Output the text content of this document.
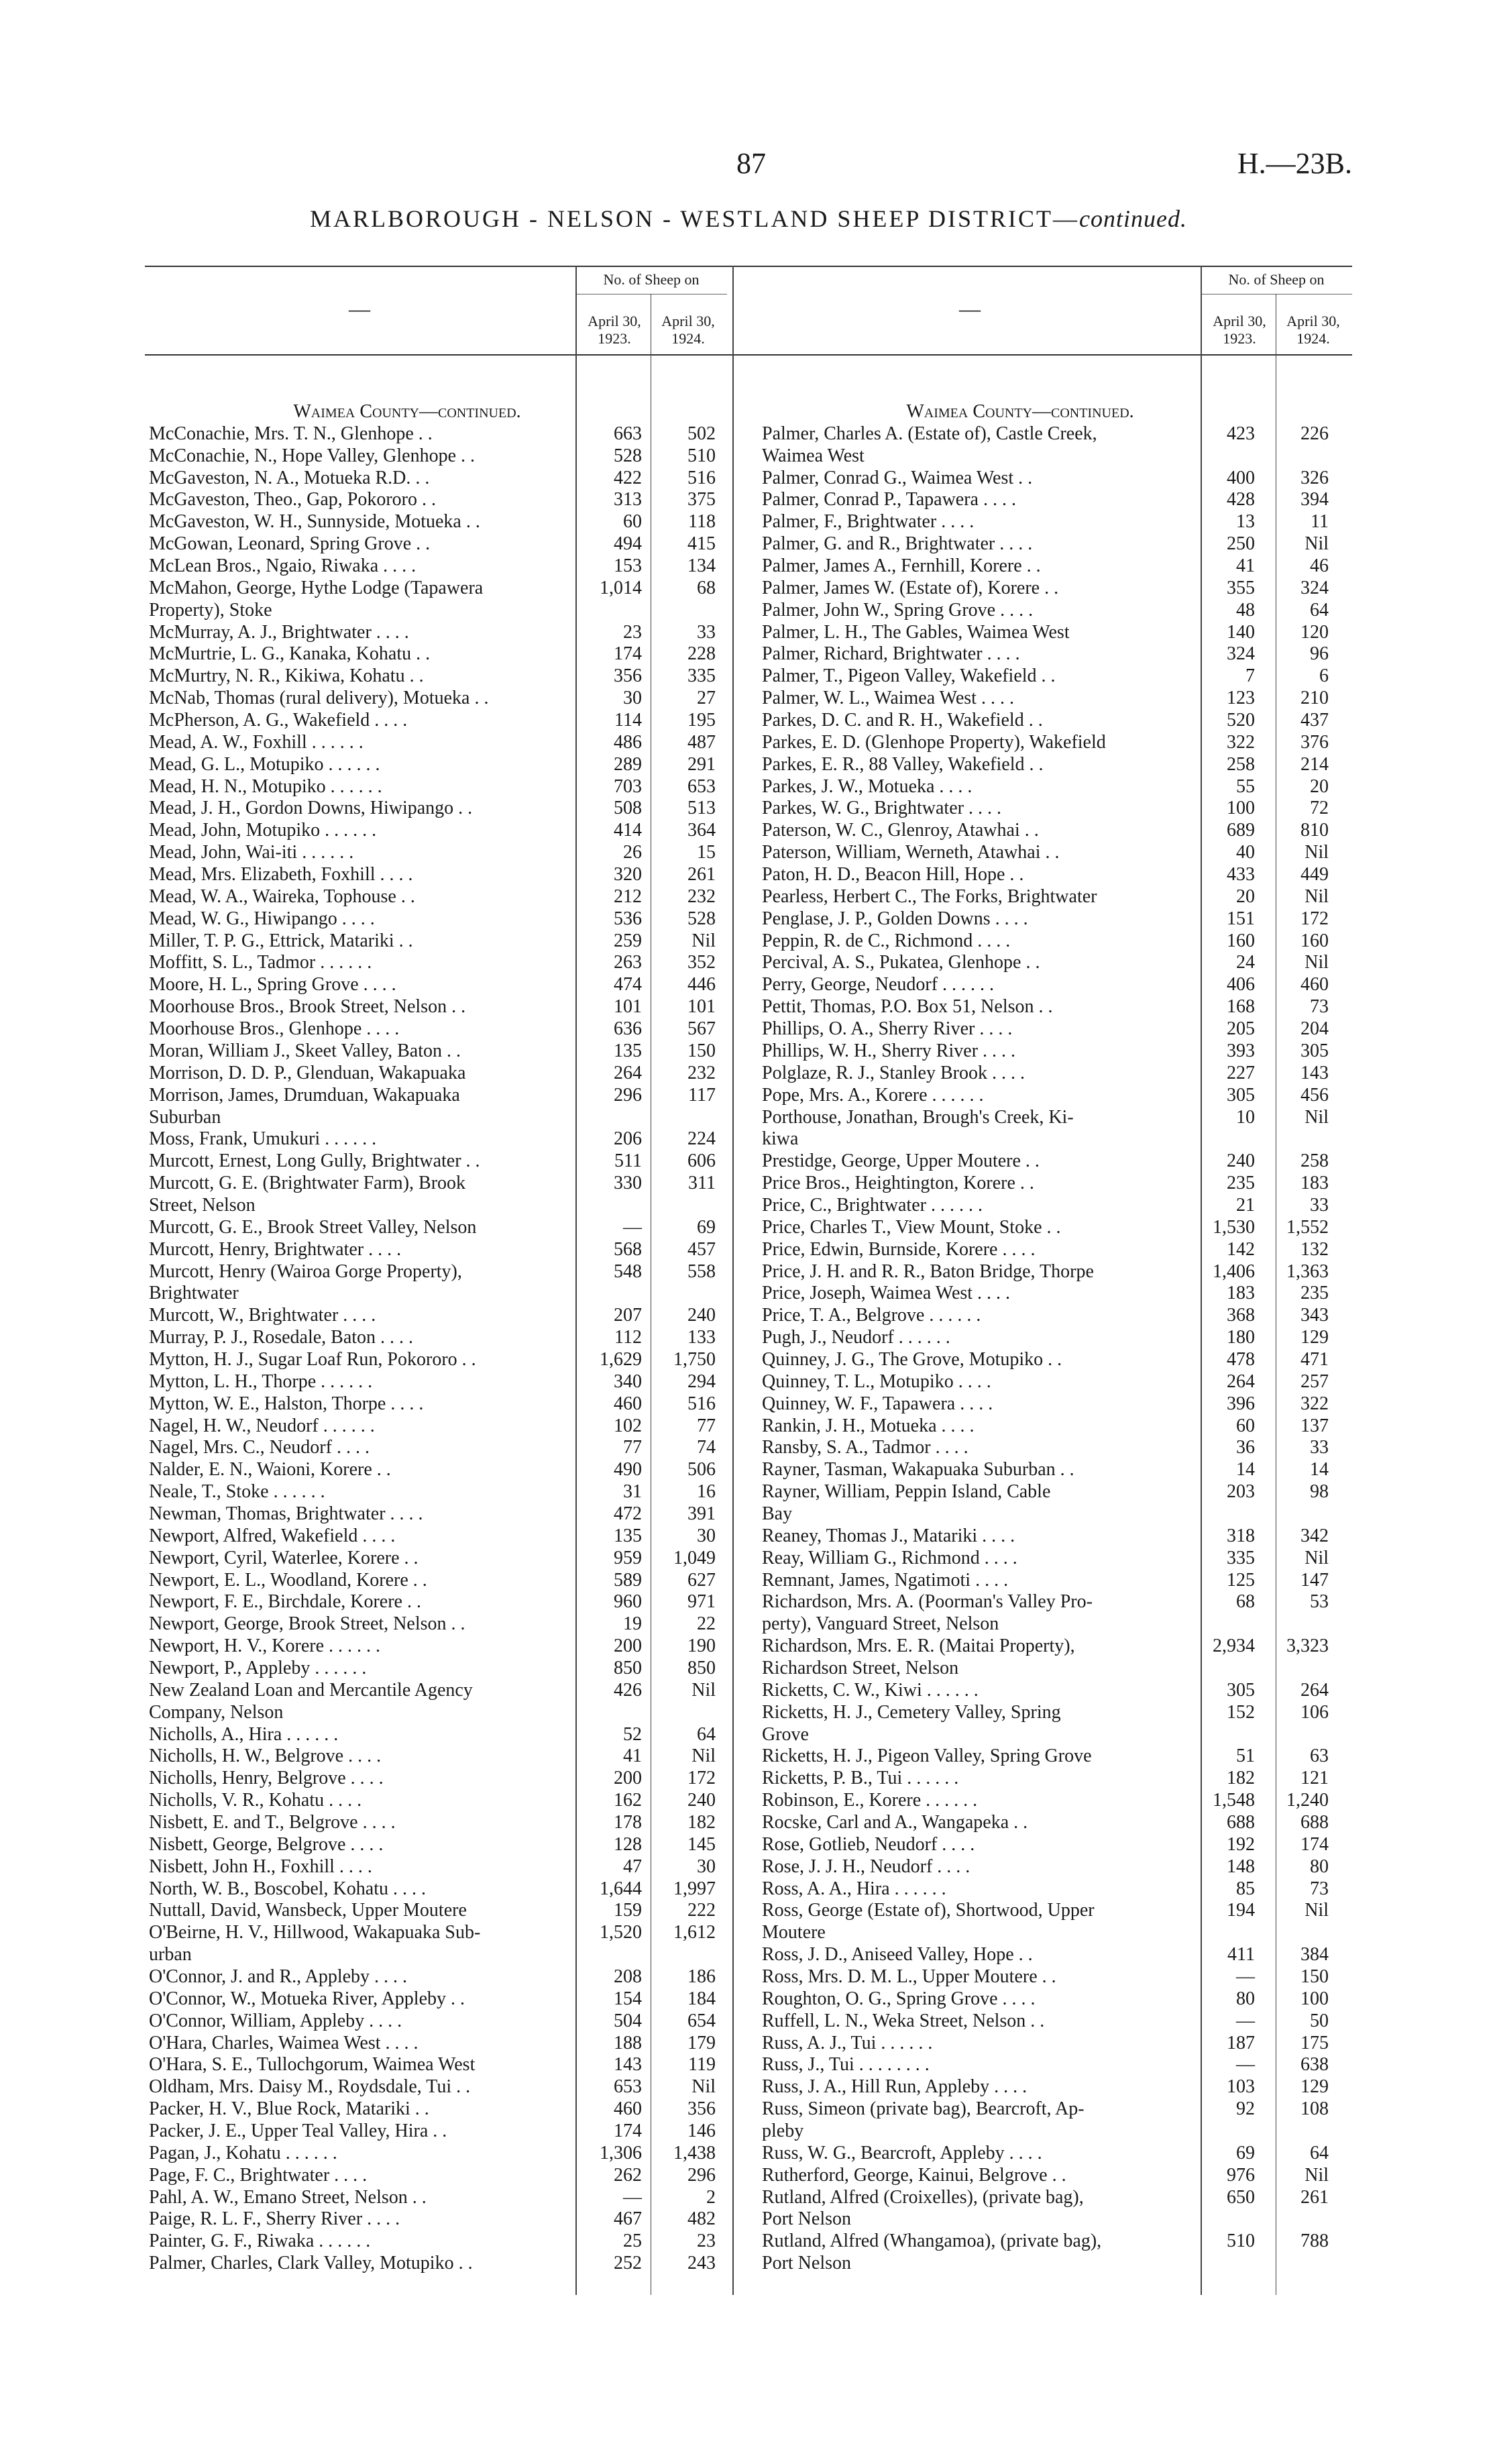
87	H.—23B.
MARLBOROUGH - NELSON - WESTLAND SHEEP DISTRICT—continued.
—
No. of Sheep on
April 30, 1923.
April 30, 1924.
—
No. of Sheep on
April 30, 1923.
April 30, 1924.
Waimea County—continued.
McConachie, Mrs. T. N., Glenhope . .	663	502
McConachie, N., Hope Valley, Glenhope . .	528	510
McGaveston, N. A., Motueka R.D. . .	422	516
McGaveston, Theo., Gap, Pokororo . .	313	375
McGaveston, W. H., Sunnyside, Motueka . .	60	118
McGowan, Leonard, Spring Grove . .	494	415
McLean Bros., Ngaio, Riwaka . . . .	153	134
McMahon, George, Hythe Lodge (Tapawera	1,014	68
Property), Stoke
McMurray, A. J., Brightwater . . . .	23	33
McMurtrie, L. G., Kanaka, Kohatu . .	174	228
McMurtry, N. R., Kikiwa, Kohatu . .	356	335
McNab, Thomas (rural delivery), Motueka . .	30	27
McPherson, A. G., Wakefield . . . .	114	195
Mead, A. W., Foxhill . . . . . .	486	487
Mead, G. L., Motupiko . . . . . .	289	291
Mead, H. N., Motupiko . . . . . .	703	653
Mead, J. H., Gordon Downs, Hiwipango . .	508	513
Mead, John, Motupiko . . . . . .	414	364
Mead, John, Wai-iti . . . . . .	26	15
Mead, Mrs. Elizabeth, Foxhill . . . .	320	261
Mead, W. A., Waireka, Tophouse . .	212	232
Mead, W. G., Hiwipango . . . .	536	528
Miller, T. P. G., Ettrick, Matariki . .	259	Nil
Moffitt, S. L., Tadmor . . . . . .	263	352
Moore, H. L., Spring Grove . . . .	474	446
Moorhouse Bros., Brook Street, Nelson . .	101	101
Moorhouse Bros., Glenhope . . . .	636	567
Moran, William J., Skeet Valley, Baton . .	135	150
Morrison, D. D. P., Glenduan, Wakapuaka	264	232
Morrison, James, Drumduan, Wakapuaka	296	117
Suburban
Moss, Frank, Umukuri . . . . . .	206	224
Murcott, Ernest, Long Gully, Brightwater . .	511	606
Murcott, G. E. (Brightwater Farm), Brook	330	311
Street, Nelson
Murcott, G. E., Brook Street Valley, Nelson	—	69
Murcott, Henry, Brightwater . . . .	568	457
Murcott, Henry (Wairoa Gorge Property),	548	558
Brightwater
Murcott, W., Brightwater . . . .	207	240
Murray, P. J., Rosedale, Baton . . . .	112	133
Mytton, H. J., Sugar Loaf Run, Pokororo . .	1,629	1,750
Mytton, L. H., Thorpe . . . . . .	340	294
Mytton, W. E., Halston, Thorpe . . . .	460	516
Nagel, H. W., Neudorf . . . . . .	102	77
Nagel, Mrs. C., Neudorf . . . .	77	74
Nalder, E. N., Waioni, Korere . .	490	506
Neale, T., Stoke . . . . . .	31	16
Newman, Thomas, Brightwater . . . .	472	391
Newport, Alfred, Wakefield . . . .	135	30
Newport, Cyril, Waterlee, Korere . .	959	1,049
Newport, E. L., Woodland, Korere . .	589	627
Newport, F. E., Birchdale, Korere . .	960	971
Newport, George, Brook Street, Nelson . .	19	22
Newport, H. V., Korere . . . . . .	200	190
Newport, P., Appleby . . . . . .	850	850
New Zealand Loan and Mercantile Agency	426	Nil
Company, Nelson
Nicholls, A., Hira . . . . . .	52	64
Nicholls, H. W., Belgrove . . . .	41	Nil
Nicholls, Henry, Belgrove . . . .	200	172
Nicholls, V. R., Kohatu . . . .	162	240
Nisbett, E. and T., Belgrove . . . .	178	182
Nisbett, George, Belgrove . . . .	128	145
Nisbett, John H., Foxhill . . . .	47	30
North, W. B., Boscobel, Kohatu . . . .	1,644	1,997
Nuttall, David, Wansbeck, Upper Moutere	159	222
O'Beirne, H. V., Hillwood, Wakapuaka Sub-	1,520	1,612
urban
O'Connor, J. and R., Appleby . . . .	208	186
O'Connor, W., Motueka River, Appleby . .	154	184
O'Connor, William, Appleby . . . .	504	654
O'Hara, Charles, Waimea West . . . .	188	179
O'Hara, S. E., Tullochgorum, Waimea West	143	119
Oldham, Mrs. Daisy M., Roydsdale, Tui . .	653	Nil
Packer, H. V., Blue Rock, Matariki . .	460	356
Packer, J. E., Upper Teal Valley, Hira . .	174	146
Pagan, J., Kohatu . . . . . .	1,306	1,438
Page, F. C., Brightwater . . . .	262	296
Pahl, A. W., Emano Street, Nelson . .	—	2
Paige, R. L. F., Sherry River . . . .	467	482
Painter, G. F., Riwaka . . . . . .	25	23
Palmer, Charles, Clark Valley, Motupiko . .	252	243
Waimea County—continued.
Palmer, Charles A. (Estate of), Castle Creek,	423	226
Waimea West
Palmer, Conrad G., Waimea West . .	400	326
Palmer, Conrad P., Tapawera . . . .	428	394
Palmer, F., Brightwater . . . .	13	11
Palmer, G. and R., Brightwater . . . .	250	Nil
Palmer, James A., Fernhill, Korere . .	41	46
Palmer, James W. (Estate of), Korere . .	355	324
Palmer, John W., Spring Grove . . . .	48	64
Palmer, L. H., The Gables, Waimea West	140	120
Palmer, Richard, Brightwater . . . .	324	96
Palmer, T., Pigeon Valley, Wakefield . .	7	6
Palmer, W. L., Waimea West . . . .	123	210
Parkes, D. C. and R. H., Wakefield . .	520	437
Parkes, E. D. (Glenhope Property), Wakefield	322	376
Parkes, E. R., 88 Valley, Wakefield . .	258	214
Parkes, J. W., Motueka . . . .	55	20
Parkes, W. G., Brightwater . . . .	100	72
Paterson, W. C., Glenroy, Atawhai . .	689	810
Paterson, William, Werneth, Atawhai . .	40	Nil
Paton, H. D., Beacon Hill, Hope . .	433	449
Pearless, Herbert C., The Forks, Brightwater	20	Nil
Penglase, J. P., Golden Downs . . . .	151	172
Peppin, R. de C., Richmond . . . .	160	160
Percival, A. S., Pukatea, Glenhope . .	24	Nil
Perry, George, Neudorf . . . . . .	406	460
Pettit, Thomas, P.O. Box 51, Nelson . .	168	73
Phillips, O. A., Sherry River . . . .	205	204
Phillips, W. H., Sherry River . . . .	393	305
Polglaze, R. J., Stanley Brook . . . .	227	143
Pope, Mrs. A., Korere . . . . . .	305	456
Porthouse, Jonathan, Brough's Creek, Ki-	10	Nil
kiwa
Prestidge, George, Upper Moutere . .	240	258
Price Bros., Heightington, Korere . .	235	183
Price, C., Brightwater . . . . . .	21	33
Price, Charles T., View Mount, Stoke . .	1,530	1,552
Price, Edwin, Burnside, Korere . . . .	142	132
Price, J. H. and R. R., Baton Bridge, Thorpe	1,406	1,363
Price, Joseph, Waimea West . . . .	183	235
Price, T. A., Belgrove . . . . . .	368	343
Pugh, J., Neudorf . . . . . .	180	129
Quinney, J. G., The Grove, Motupiko . .	478	471
Quinney, T. L., Motupiko . . . .	264	257
Quinney, W. F., Tapawera . . . .	396	322
Rankin, J. H., Motueka . . . .	60	137
Ransby, S. A., Tadmor . . . .	36	33
Rayner, Tasman, Wakapuaka Suburban . .	14	14
Rayner, William, Peppin Island, Cable	203	98
Bay
Reaney, Thomas J., Matariki . . . .	318	342
Reay, William G., Richmond . . . .	335	Nil
Remnant, James, Ngatimoti . . . .	125	147
Richardson, Mrs. A. (Poorman's Valley Pro-	68	53
perty), Vanguard Street, Nelson
Richardson, Mrs. E. R. (Maitai Property),	2,934	3,323
Richardson Street, Nelson
Ricketts, C. W., Kiwi . . . . . .	305	264
Ricketts, H. J., Cemetery Valley, Spring	152	106
Grove
Ricketts, H. J., Pigeon Valley, Spring Grove	51	63
Ricketts, P. B., Tui . . . . . .	182	121
Robinson, E., Korere . . . . . .	1,548	1,240
Rocske, Carl and A., Wangapeka . .	688	688
Rose, Gotlieb, Neudorf . . . .	192	174
Rose, J. J. H., Neudorf . . . .	148	80
Ross, A. A., Hira . . . . . .	85	73
Ross, George (Estate of), Shortwood, Upper	194	Nil
Moutere
Ross, J. D., Aniseed Valley, Hope . .	411	384
Ross, Mrs. D. M. L., Upper Moutere . .	—	150
Roughton, O. G., Spring Grove . . . .	80	100
Ruffell, L. N., Weka Street, Nelson . .	—	50
Russ, A. J., Tui . . . . . .	187	175
Russ, J., Tui . . . . . . . .	—	638
Russ, J. A., Hill Run, Appleby . . . .	103	129
Russ, Simeon (private bag), Bearcroft, Ap-	92	108
pleby
Russ, W. G., Bearcroft, Appleby . . . .	69	64
Rutherford, George, Kainui, Belgrove . .	976	Nil
Rutland, Alfred (Croixelles), (private bag),	650	261
Port Nelson
Rutland, Alfred (Whangamoa), (private bag),	510	788
Port Nelson
